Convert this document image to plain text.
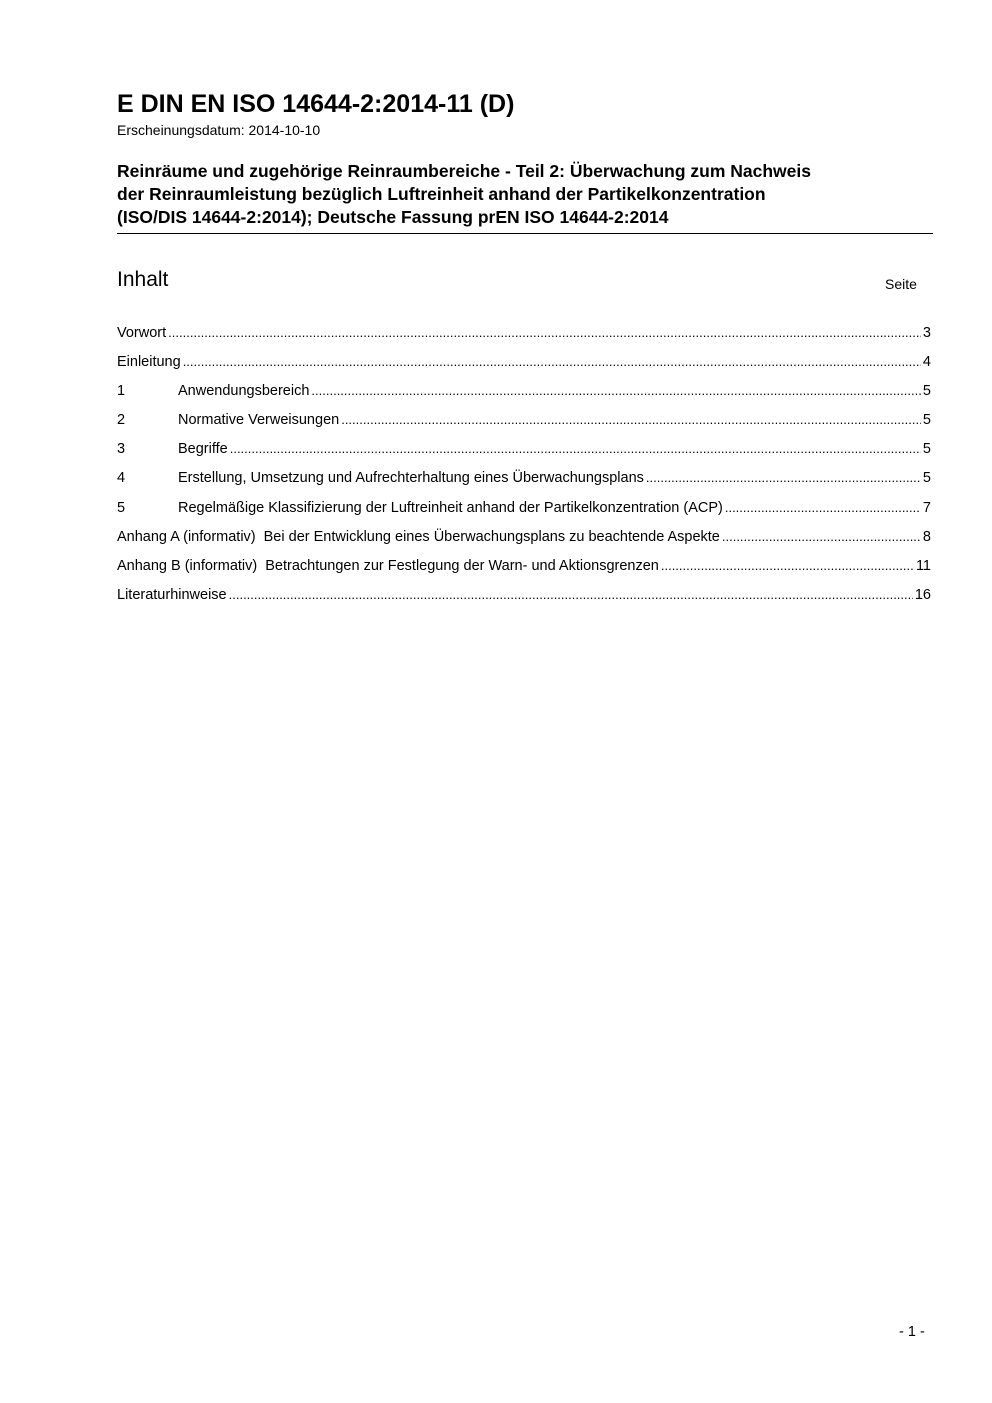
E DIN EN ISO 14644-2:2014-11 (D)
Erscheinungsdatum: 2014-10-10
Reinräume und zugehörige Reinraumbereiche - Teil 2: Überwachung zum Nachweis
der Reinraumleistung bezüglich Luftreinheit anhand der Partikelkonzentration
(ISO/DIS 14644-2:2014); Deutsche Fassung prEN ISO 14644-2:2014
Inhalt	Seite
Vorwort .....	3
Einleitung .....	4
1	Anwendungsbereich .....	5
2	Normative Verweisungen .....	5
3	Begriffe .....	5
4	Erstellung, Umsetzung und Aufrechterhaltung eines Überwachungsplans .....	5
5	Regelmäßige Klassifizierung der Luftreinheit anhand der Partikelkonzentration (ACP) .....	7
Anhang A (informativ) Bei der Entwicklung eines Überwachungsplans zu beachtende Aspekte .....	8
Anhang B (informativ) Betrachtungen zur Festlegung der Warn- und Aktionsgrenzen .....	11
Literaturhinweise .....	16
- 1 -
